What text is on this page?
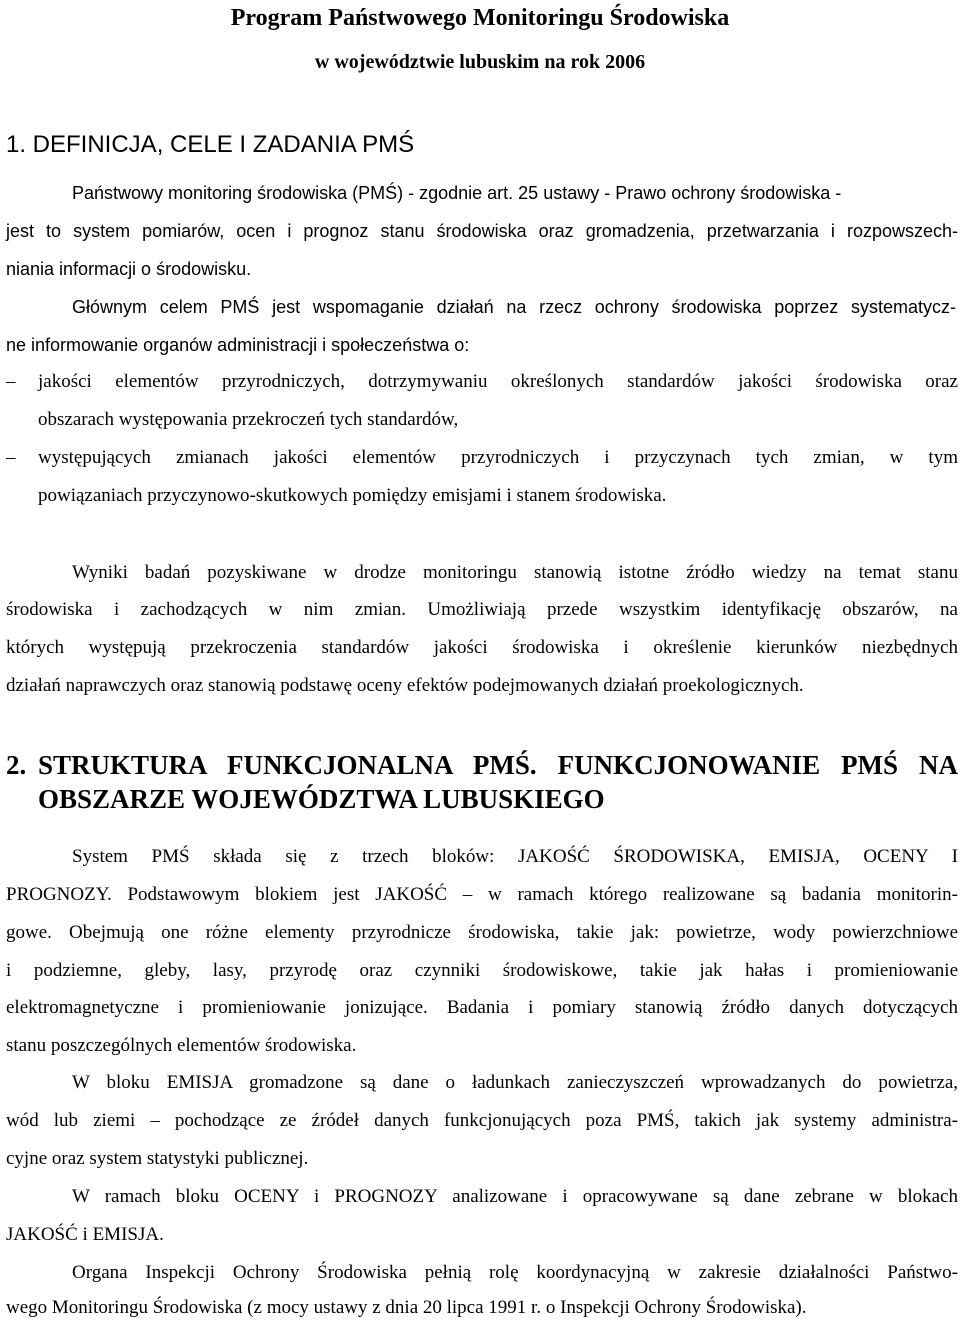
Program Państwowego Monitoringu Środowiska
w województwie lubuskim na rok 2006
1. DEFINICJA, CELE I ZADANIA PMŚ
Państwowy monitoring środowiska (PMŚ) - zgodnie art. 25 ustawy - Prawo ochrony środowiska -
jest to system pomiarów, ocen i prognoz stanu środowiska oraz gromadzenia, przetwarzania i rozpowszech-
niania informacji o środowisku.
Głównym celem PMŚ jest wspomaganie działań na rzecz ochrony środowiska poprzez systematycz-
ne informowanie organów administracji i społeczeństwa o:
– jakości elementów przyrodniczych, dotrzymywaniu określonych standardów jakości środowiska oraz
obszarach występowania przekroczeń tych standardów,
– występujących zmianach jakości elementów przyrodniczych i przyczynach tych zmian, w tym
powiązaniach przyczynowo-skutkowych pomiędzy emisjami i stanem środowiska.
Wyniki badań pozyskiwane w drodze monitoringu stanowią istotne źródło wiedzy na temat stanu
środowiska i zachodzących w nim zmian. Umożliwiają przede wszystkim identyfikację obszarów, na
których występują przekroczenia standardów jakości środowiska i określenie kierunków niezbędnych
działań naprawczych oraz stanowią podstawę oceny efektów podejmowanych działań proekologicznych.
2. STRUKTURA FUNKCJONALNA PMŚ. FUNKCJONOWANIE PMŚ NA
OBSZARZE WOJEWÓDZTWA LUBUSKIEGO
System PMŚ składa się z trzech bloków: JAKOŚĆ ŚRODOWISKA, EMISJA, OCENY I
PROGNOZY. Podstawowym blokiem jest JAKOŚĆ – w ramach którego realizowane są badania monitorin-
gowe. Obejmują one różne elementy przyrodnicze środowiska, takie jak: powietrze, wody powierzchniowe
i podziemne, gleby, lasy, przyrodę oraz czynniki środowiskowe, takie jak hałas i promieniowanie
elektromagnetyczne i promieniowanie jonizujące. Badania i pomiary stanowią źródło danych dotyczących
stanu poszczególnych elementów środowiska.
W bloku EMISJA gromadzone są dane o ładunkach zanieczyszczeń wprowadzanych do powietrza,
wód lub ziemi – pochodzące ze źródeł danych funkcjonujących poza PMŚ, takich jak systemy administra-
cyjne oraz system statystyki publicznej.
W ramach bloku OCENY i PROGNOZY analizowane i opracowywane są dane zebrane w blokach
JAKOŚĆ i EMISJA.
Organa Inspekcji Ochrony Środowiska pełnią rolę koordynacyjną w zakresie działalności Państwo-
wego Monitoringu Środowiska (z mocy ustawy z dnia 20 lipca 1991 r. o Inspekcji Ochrony Środowiska).
